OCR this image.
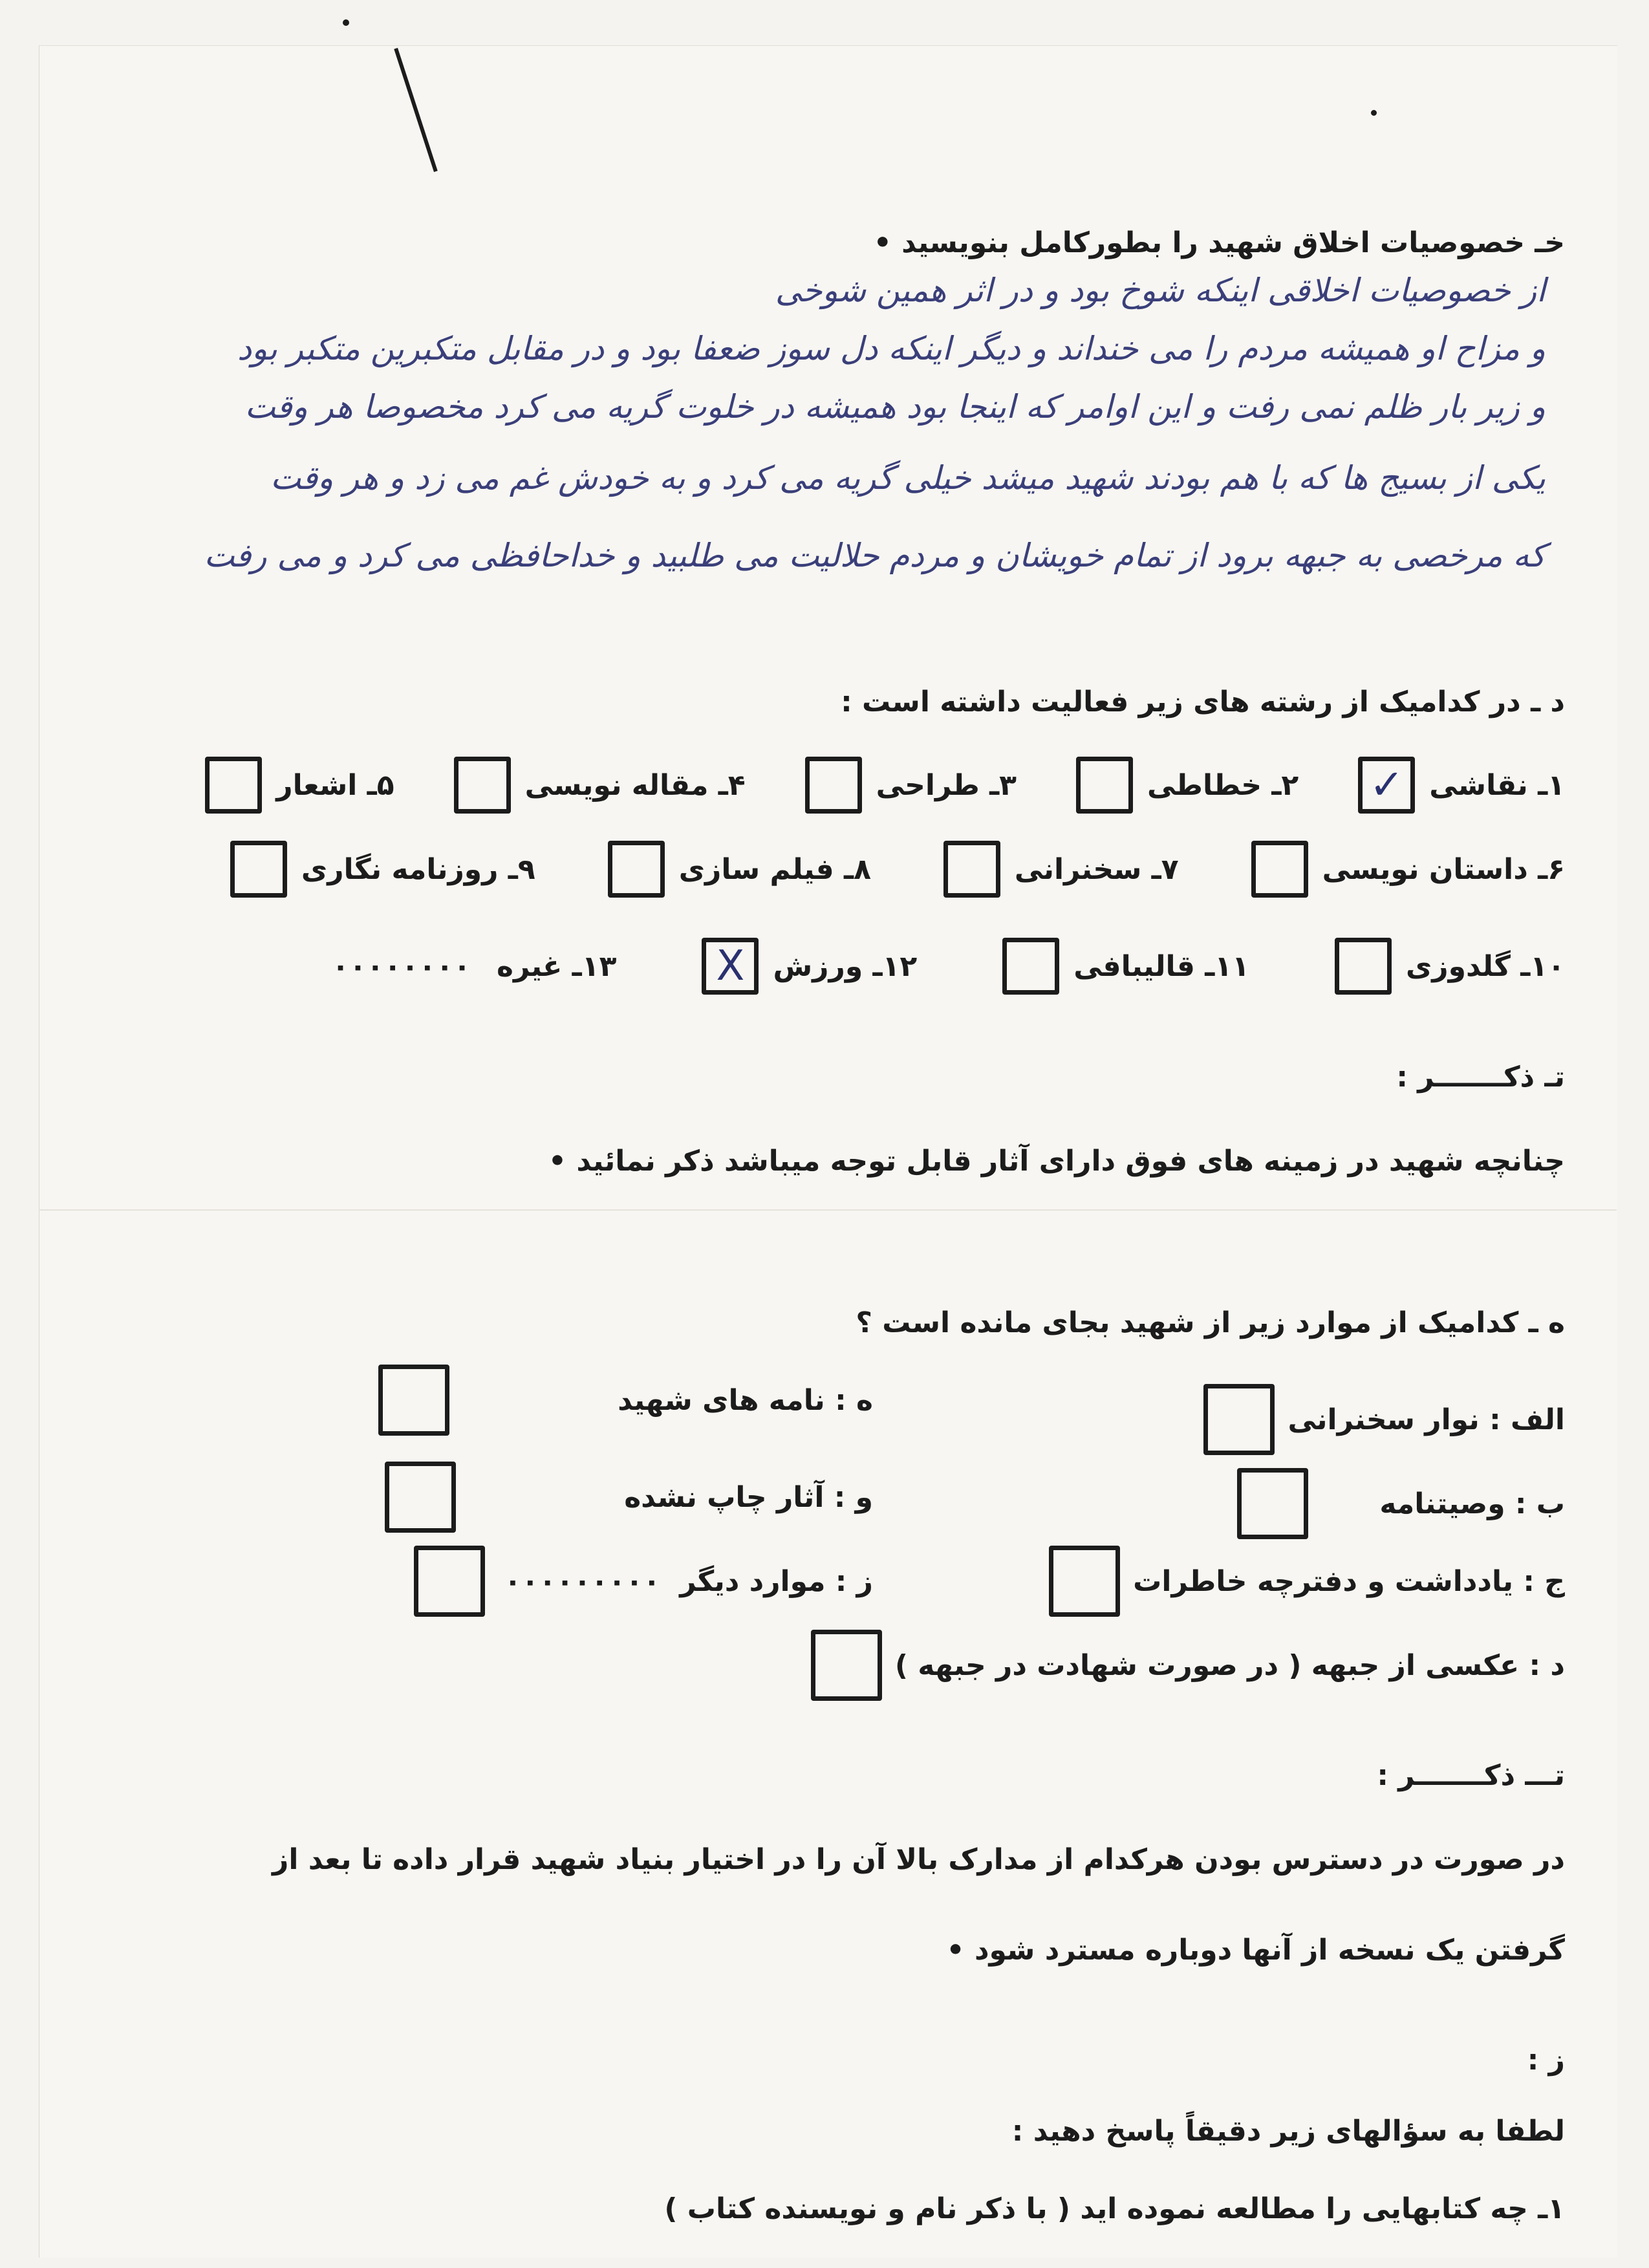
خـ خصوصیات اخلاق شهید را بطورکامل بنویسید •
از خصوصیات اخلاقی اینکه شوخ بود و در اثر همین شوخی
و مزاح او همیشه مردم را می خنداند و دیگر اینکه دل سوز ضعفا بود و در مقابل متکبرین متکبر بود
و زیر بار ظلم نمی رفت و این اوامر که اینجا بود همیشه در خلوت گریه می کرد مخصوصا هر وقت
یکی از بسیج ها که با هم بودند شهید میشد خیلی گریه می کرد و به خودش غم می زد و هر وقت
که مرخصی به جبهه برود از تمام خویشان و مردم حلالیت می طلبید و خداحافظی می کرد و می رفت
د ـ در کدامیک از رشته های زیر فعالیت داشته است :
۱ـ نقاشی
✓
۲ـ خطاطی
۳ـ طراحی
۴ـ مقاله نویسی
۵ـ اشعار
۶ـ داستان نویسی
۷ـ سخنرانی
۸ـ فیلم سازی
۹ـ روزنامه نگاری
۱۰ـ گلدوزی
۱۱ـ قالیبافی
۱۲ـ ورزش
X
۱۳ـ غیره
۰۰۰۰۰۰۰۰
تـ ذکـــــــر :
چنانچه شهید در زمینه های فوق دارای آثار قابل توجه میباشد ذکر نمائید •
ه ـ کدامیک از موارد زیر از شهید بجای مانده است ؟
ه : نامه های شهید
و : آثار چاپ نشده
ز : موارد دیگر
۰۰۰۰۰۰۰۰۰
الف : نوار سخنرانی
ب : وصیتنامه
ج : یادداشت و دفترچه خاطرات
د : عکسی از جبهه ( در صورت شهادت در جبهه )
تـــ ذکـــــــر :
در صورت در دسترس بودن هرکدام از مدارک بالا آن را در اختیار بنیاد شهید قرار داده تا بعد از
گرفتن یک نسخه از آنها دوباره مسترد شود •
ز :
لطفا به سؤالهای زیر دقیقاً پاسخ دهید :
۱ـ چه کتابهایی را مطالعه نموده اید ( با ذکر نام و نویسنده کتاب )
